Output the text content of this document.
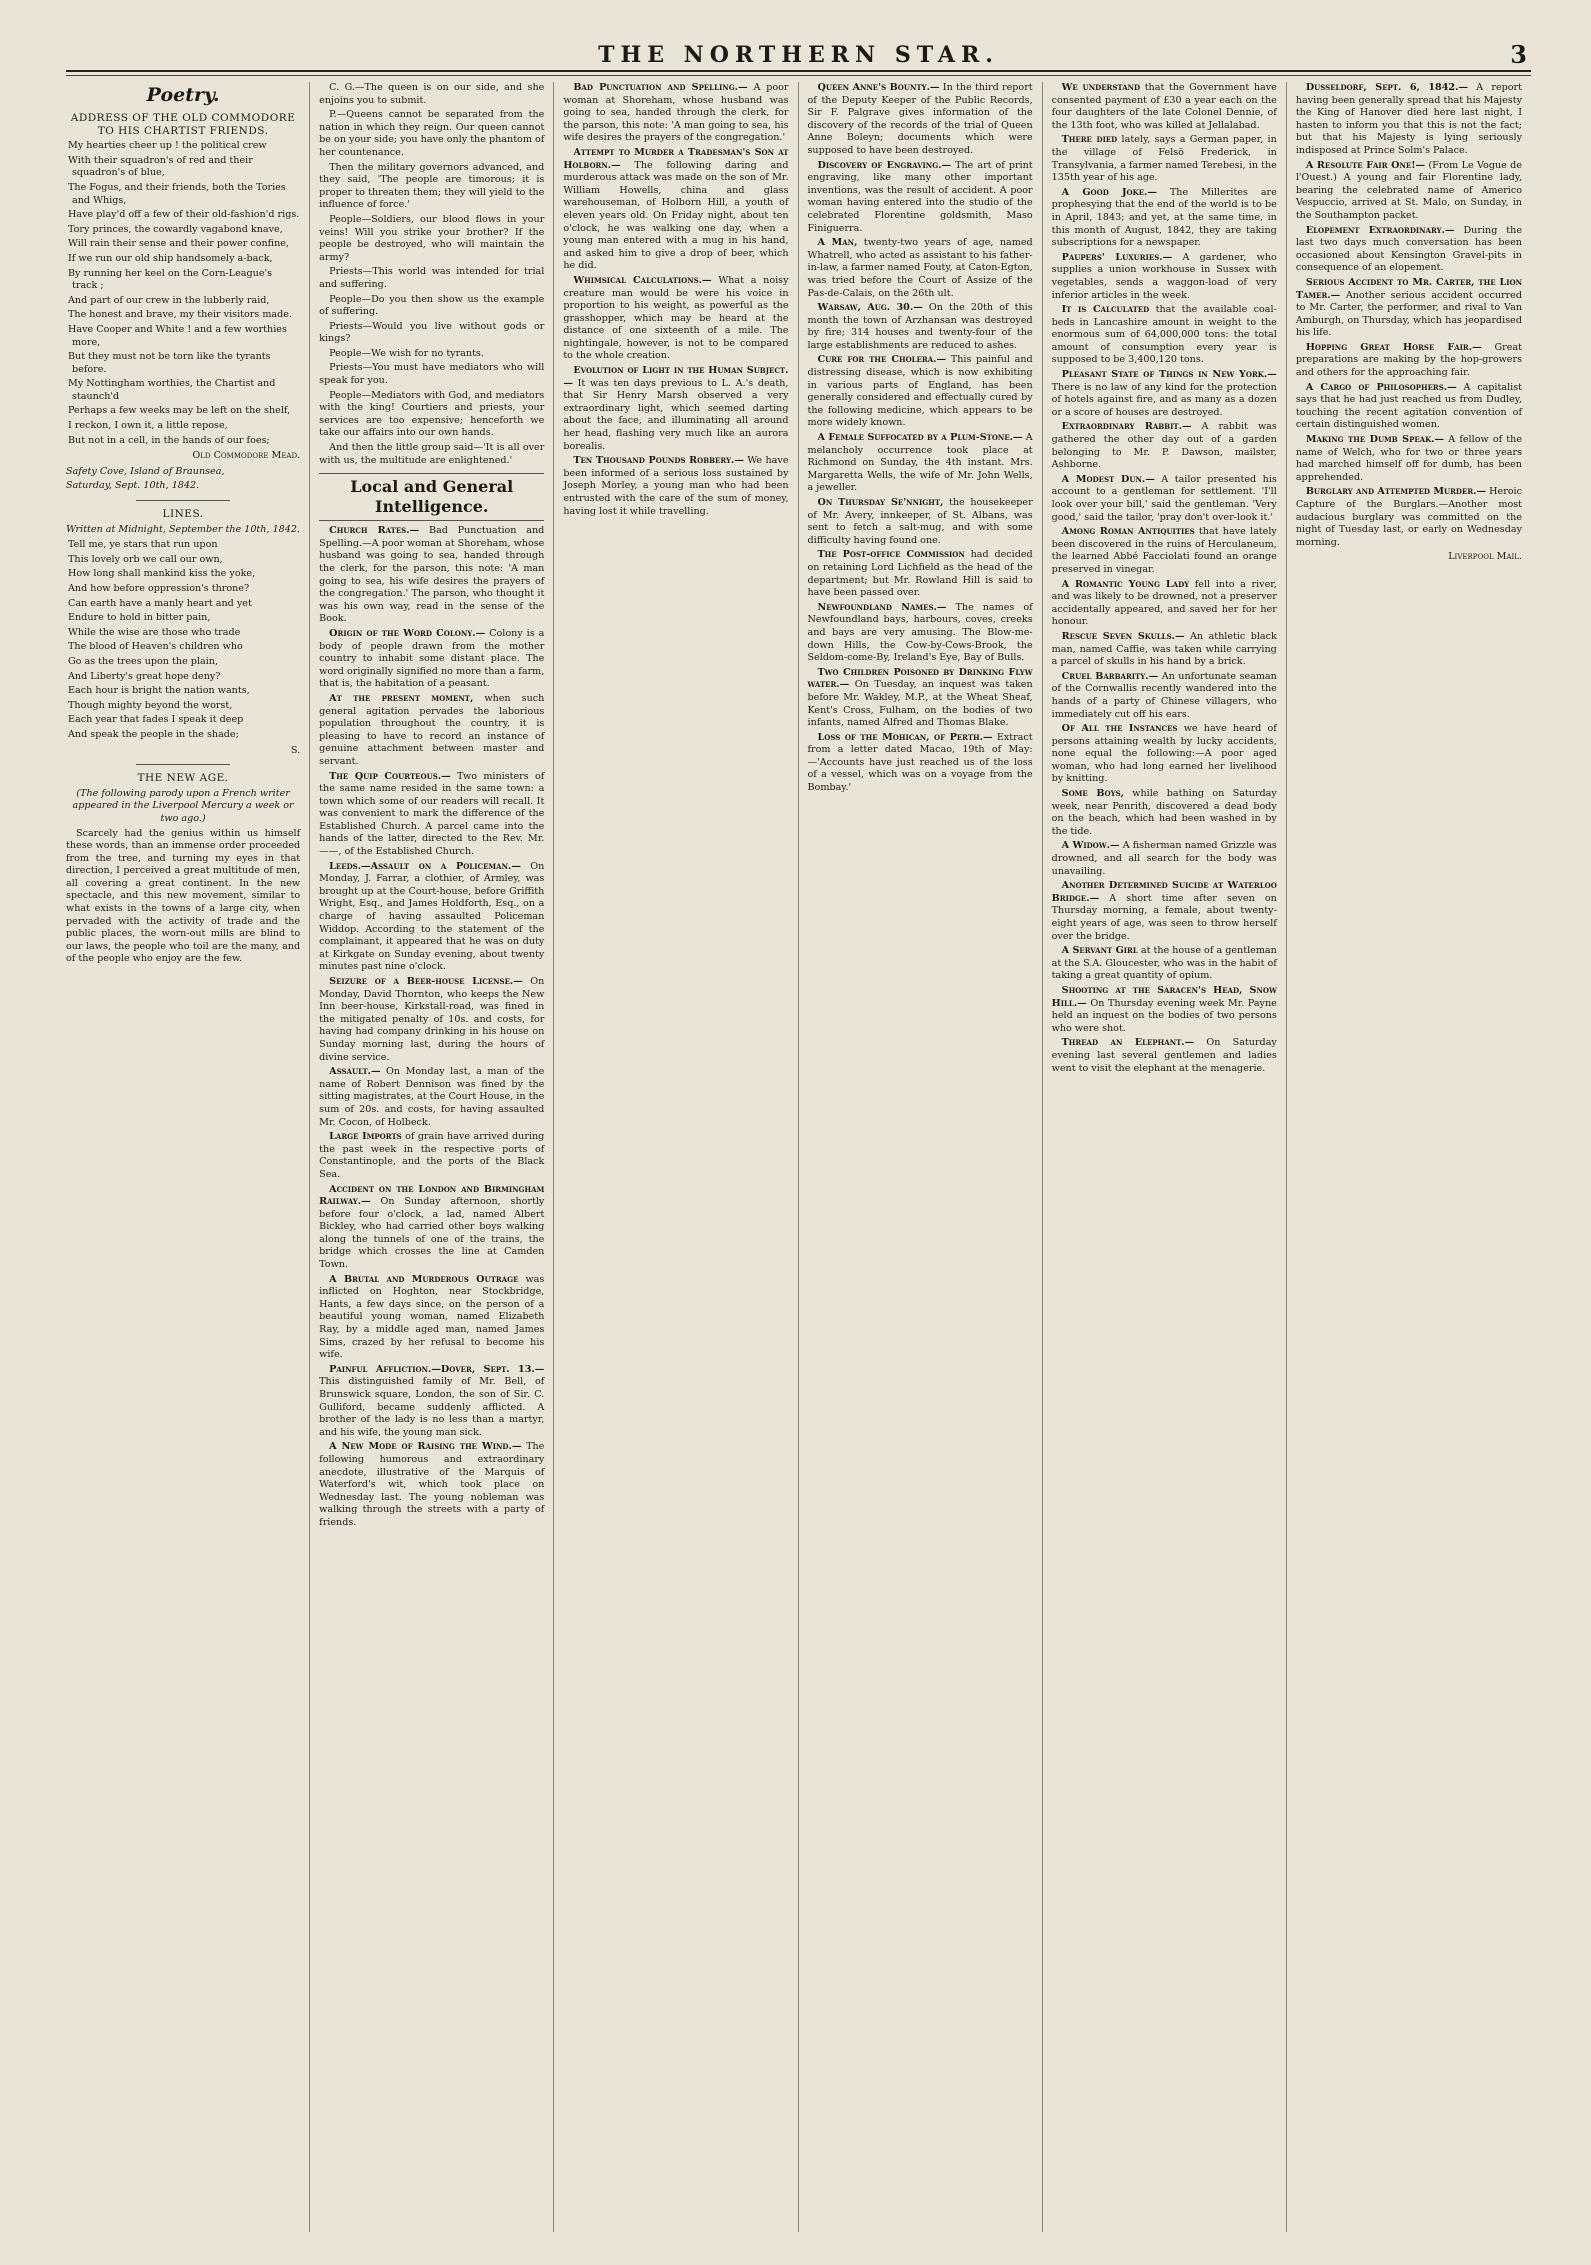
THE NORTHERN STAR.	3
Poetry.
ADDRESS OF THE OLD COMMODORE TO HIS CHARTIST FRIENDS.

My hearties cheer up ! the political crew

With their squadron's of red and their squadron's of blue,

The Fogus, and their friends, both the Tories and Whigs,

Have play'd off a few of their old-fashion'd rigs.

Tory princes, the cowardly vagabond knave,

Will rain their sense and their power confine,

If we run our old ship handsomely a-back,

By running her keel on the Corn-League's track ;

And part of our crew in the lubberly raid,

The honest and brave, my their visitors made.

Have Cooper and White ! and a few worthies more,

But they must not be torn like the tyrants before.

My Nottingham worthies, the Chartist and staunch'd

Perhaps a few weeks may be left on the shelf,

I reckon, I own it, a little repose,

But not in a cell, in the hands of our foes;

Old Commodore Mead.

Safety Cove, Island of Braunsea,

Saturday, Sept. 10th, 1842.

LINES.
Written at Midnight, September the 10th, 1842.

Tell me, ye stars that run upon

This lovely orb we call our own,

How long shall mankind kiss the yoke,

And how before oppression's throne?

Can earth have a manly heart and yet

Endure to hold in bitter pain,

While the wise are those who trade

The blood of Heaven's children who

Go as the trees upon the plain,

And Liberty's great hope deny?

Each hour is bright the nation wants,

Though mighty beyond the worst,

Each year that fades I speak it deep

And speak the people in the shade;

S.
THE NEW AGE.

(The following parody upon a French writer appeared in the Liverpool Mercury a week or two ago.)

Scarcely had the genius within us himself these words, than an immense order proceeded from the tree, and turning my eyes in that direction, I perceived a great multitude of men, all covering a great continent. In the new spectacle, and this new movement, similar to what exists in the towns of a large city, when pervaded with the activity of trade and the public places, the worn-out mills are blind to our laws, the people who toil are the many, and of the people who enjoy are the few.

C. G.—The queen is on our side, and she enjoins you to submit.

P.—Queens cannot be separated from the nation in which they reign. Our queen cannot be on your side; you have only the phantom of her countenance.

Then the military governors advanced, and they said, 'The people are timorous; it is proper to threaten them; they will yield to the influence of force.'

People—Soldiers, our blood flows in your veins! Will you strike your brother? If the people be destroyed, who will maintain the army?

Priests—This world was intended for trial and suffering.

People—Do you then show us the example of suffering.

Priests—Would you live without gods or kings?

People—We wish for no tyrants.

Priests—You must have mediators who will speak for you.

People—Mediators with God, and mediators with the king! Courtiers and priests, your services are too expensive; henceforth we take our affairs into our own hands.

And then the little group said—'It is all over with us, the multitude are enlightened.'

Local and General Intelligence.

Church Rates.— Bad Punctuation and Spelling.—A poor woman at Shoreham, whose husband was going to sea, handed through the clerk, for the parson, this note: 'A man going to sea, his wife desires the prayers of the congregation.' The parson, who thought it was his own way, read in the sense of the Book.

Origin of the Word Colony.— Colony is a body of people drawn from the mother country to inhabit some distant place. The word originally signified no more than a farm, that is, the habitation of a peasant.

At the present moment, when such general agitation pervades the laborious population throughout the country, it is pleasing to have to record an instance of genuine attachment between master and servant.

The Quip Courteous.— Two ministers of the same name resided in the same town: a town which some of our readers will recall. It was convenient to mark the difference of the Established Church. A parcel came into the hands of the latter, directed to the Rev. Mr. ——, of the Established Church.

Leeds.—Assault on a Policeman.— On Monday, J. Farrar, a clothier, of Armley, was brought up at the Court-house, before Griffith Wright, Esq., and James Holdforth, Esq., on a charge of having assaulted Policeman Widdop. According to the statement of the complainant, it appeared that he was on duty at Kirkgate on Sunday evening, about twenty minutes past nine o'clock.

Seizure of a Beer-house License.— On Monday, David Thornton, who keeps the New Inn beer-house, Kirkstall-road, was fined in the mitigated penalty of 10s. and costs, for having had company drinking in his house on Sunday morning last, during the hours of divine service.

Assault.— On Monday last, a man of the name of Robert Dennison was fined by the sitting magistrates, at the Court House, in the sum of 20s. and costs, for having assaulted Mr. Cocon, of Holbeck.

Large Imports of grain have arrived during the past week in the respective ports of Constantinople, and the ports of the Black Sea.

Accident on the London and Birmingham Railway.— On Sunday afternoon, shortly before four o'clock, a lad, named Albert Bickley, who had carried other boys walking along the tunnels of one of the trains, the bridge which crosses the line at Camden Town.

A Brutal and Murderous Outrage was inflicted on Hoghton, near Stockbridge, Hants, a few days since, on the person of a beautiful young woman, named Elizabeth Ray, by a middle aged man, named James Sims, crazed by her refusal to become his wife.

Painful Affliction.—Dover, Sept. 13.— This distinguished family of Mr. Bell, of Brunswick square, London, the son of Sir. C. Gulliford, became suddenly afflicted. A brother of the lady is no less than a martyr, and his wife, the young man sick.

A New Mode of Raising the Wind.— The following humorous and extraordinary anecdote, illustrative of the Marquis of Waterford's wit, which took place on Wednesday last. The young nobleman was walking through the streets with a party of friends.

Bad Punctuation and Spelling.— A poor woman at Shoreham, whose husband was going to sea, handed through the clerk, for the parson, this note: 'A man going to sea, his wife desires the prayers of the congregation.'

Attempt to Murder a Tradesman's Son at Holborn.— The following daring and murderous attack was made on the son of Mr. William Howells, china and glass warehouseman, of Holborn Hill, a youth of eleven years old. On Friday night, about ten o'clock, he was walking one day, when a young man entered with a mug in his hand, and asked him to give a drop of beer, which he did.

Whimsical Calculations.— What a noisy creature man would be were his voice in proportion to his weight, as powerful as the grasshopper, which may be heard at the distance of one sixteenth of a mile. The nightingale, however, is not to be compared to the whole creation.

Evolution of Light in the Human Subject.— It was ten days previous to L. A.'s death, that Sir Henry Marsh observed a very extraordinary light, which seemed darting about the face, and illuminating all around her head, flashing very much like an aurora borealis.

Ten Thousand Pounds Robbery.— We have been informed of a serious loss sustained by Joseph Morley, a young man who had been entrusted with the care of the sum of money, having lost it while travelling.

Queen Anne's Bounty.— In the third report of the Deputy Keeper of the Public Records, Sir F. Palgrave gives information of the discovery of the records of the trial of Queen Anne Boleyn; documents which were supposed to have been destroyed.

Discovery of Engraving.— The art of print engraving, like many other important inventions, was the result of accident. A poor woman having entered into the studio of the celebrated Florentine goldsmith, Maso Finiguerra.

A Man, twenty-two years of age, named Whatrell, who acted as assistant to his father-in-law, a farmer named Fouty, at Caton-Egton, was tried before the Court of Assize of the Pas-de-Calais, on the 26th ult.

Warsaw, Aug. 30.— On the 20th of this month the town of Arzhansan was destroyed by fire; 314 houses and twenty-four of the large establishments are reduced to ashes.

Cure for the Cholera.— This painful and distressing disease, which is now exhibiting in various parts of England, has been generally considered and effectually cured by the following medicine, which appears to be more widely known.

A Female Suffocated by a Plum-Stone.— A melancholy occurrence took place at Richmond on Sunday, the 4th instant. Mrs. Margaretta Wells, the wife of Mr. John Wells, a jeweller.

On Thursday Se'nnight, the housekeeper of Mr. Avery, innkeeper, of St. Albans, was sent to fetch a salt-mug, and with some difficulty having found one.

The Post-office Commission had decided on retaining Lord Lichfield as the head of the department; but Mr. Rowland Hill is said to have been passed over.

Newfoundland Names.— The names of Newfoundland bays, harbours, coves, creeks and bays are very amusing. The Blow-me-down Hills, the Cow-by-Cows-Brook, the Seldom-come-By, Ireland's Eye, Bay of Bulls.

Two Children Poisoned by Drinking Flyw water.— On Tuesday, an inquest was taken before Mr. Wakley, M.P., at the Wheat Sheaf, Kent's Cross, Fulham, on the bodies of two infants, named Alfred and Thomas Blake.

Loss of the Mohican, of Perth.— Extract from a letter dated Macao, 19th of May:—'Accounts have just reached us of the loss of a vessel, which was on a voyage from the Bombay.'

We understand that the Government have consented payment of £30 a year each on the four daughters of the late Colonel Dennie, of the 13th foot, who was killed at Jellalabad.

There died lately, says a German paper, in the village of Felsö Frederick, in Transylvania, a farmer named Terebesi, in the 135th year of his age.

A Good Joke.— The Millerites are prophesying that the end of the world is to be in April, 1843; and yet, at the same time, in this month of August, 1842, they are taking subscriptions for a newspaper.

Paupers' Luxuries.— A gardener, who supplies a union workhouse in Sussex with vegetables, sends a waggon-load of very inferior articles in the week.

It is Calculated that the available coal-beds in Lancashire amount in weight to the enormous sum of 64,000,000 tons: the total amount of consumption every year is supposed to be 3,400,120 tons.

Pleasant State of Things in New York.— There is no law of any kind for the protection of hotels against fire, and as many as a dozen or a score of houses are destroyed.

Extraordinary Rabbit.— A rabbit was gathered the other day out of a garden belonging to Mr. P. Dawson, mailster, Ashborne.

A Modest Dun.— A tailor presented his account to a gentleman for settlement. 'I'll look over your bill,' said the gentleman. 'Very good,' said the tailor, 'pray don't over-look it.'

Among Roman Antiquities that have lately been discovered in the ruins of Herculaneum, the learned Abbé Facciolati found an orange preserved in vinegar.

A Romantic Young Lady fell into a river, and was likely to be drowned, not a preserver accidentally appeared, and saved her for her honour.

Rescue Seven Skulls.— An athletic black man, named Caffie, was taken while carrying a parcel of skulls in his hand by a brick.

Cruel Barbarity.— An unfortunate seaman of the Cornwallis recently wandered into the hands of a party of Chinese villagers, who immediately cut off his ears.

Of All the Instances we have heard of persons attaining wealth by lucky accidents, none equal the following:—A poor aged woman, who had long earned her livelihood by knitting.

Some Boys, while bathing on Saturday week, near Penrith, discovered a dead body on the beach, which had been washed in by the tide.

A Widow.— A fisherman named Grizzle was drowned, and all search for the body was unavailing.

Another Determined Suicide at Waterloo Bridge.— A short time after seven on Thursday morning, a female, about twenty-eight years of age, was seen to throw herself over the bridge.

A Servant Girl at the house of a gentleman at the S.A. Gloucester, who was in the habit of taking a great quantity of opium.

Shooting at the Saracen's Head, Snow Hill.— On Thursday evening week Mr. Payne held an inquest on the bodies of two persons who were shot.

Thread an Elephant.— On Saturday evening last several gentlemen and ladies went to visit the elephant at the menagerie.

Dusseldorf, Sept. 6, 1842.— A report having been generally spread that his Majesty the King of Hanover died here last night, I hasten to inform you that this is not the fact; but that his Majesty is lying seriously indisposed at Prince Solm's Palace.

A Resolute Fair One!— (From Le Vogue de l'Ouest.) A young and fair Florentine lady, bearing the celebrated name of Americo Vespuccio, arrived at St. Malo, on Sunday, in the Southampton packet.

Elopement Extraordinary.— During the last two days much conversation has been occasioned about Kensington Gravel-pits in consequence of an elopement.

Serious Accident to Mr. Carter, the Lion Tamer.— Another serious accident occurred to Mr. Carter, the performer, and rival to Van Amburgh, on Thursday, which has jeopardised his life.

Hopping Great Horse Fair.— Great preparations are making by the hop-growers and others for the approaching fair.

A Cargo of Philosophers.— A capitalist says that he had just reached us from Dudley, touching the recent agitation convention of certain distinguished women.

Making the Dumb Speak.— A fellow of the name of Welch, who for two or three years had marched himself off for dumb, has been apprehended.

Burglary and Attempted Murder.— Heroic Capture of the Burglars.—Another most audacious burglary was committed on the night of Tuesday last, or early on Wednesday morning.

Liverpool Mail.
